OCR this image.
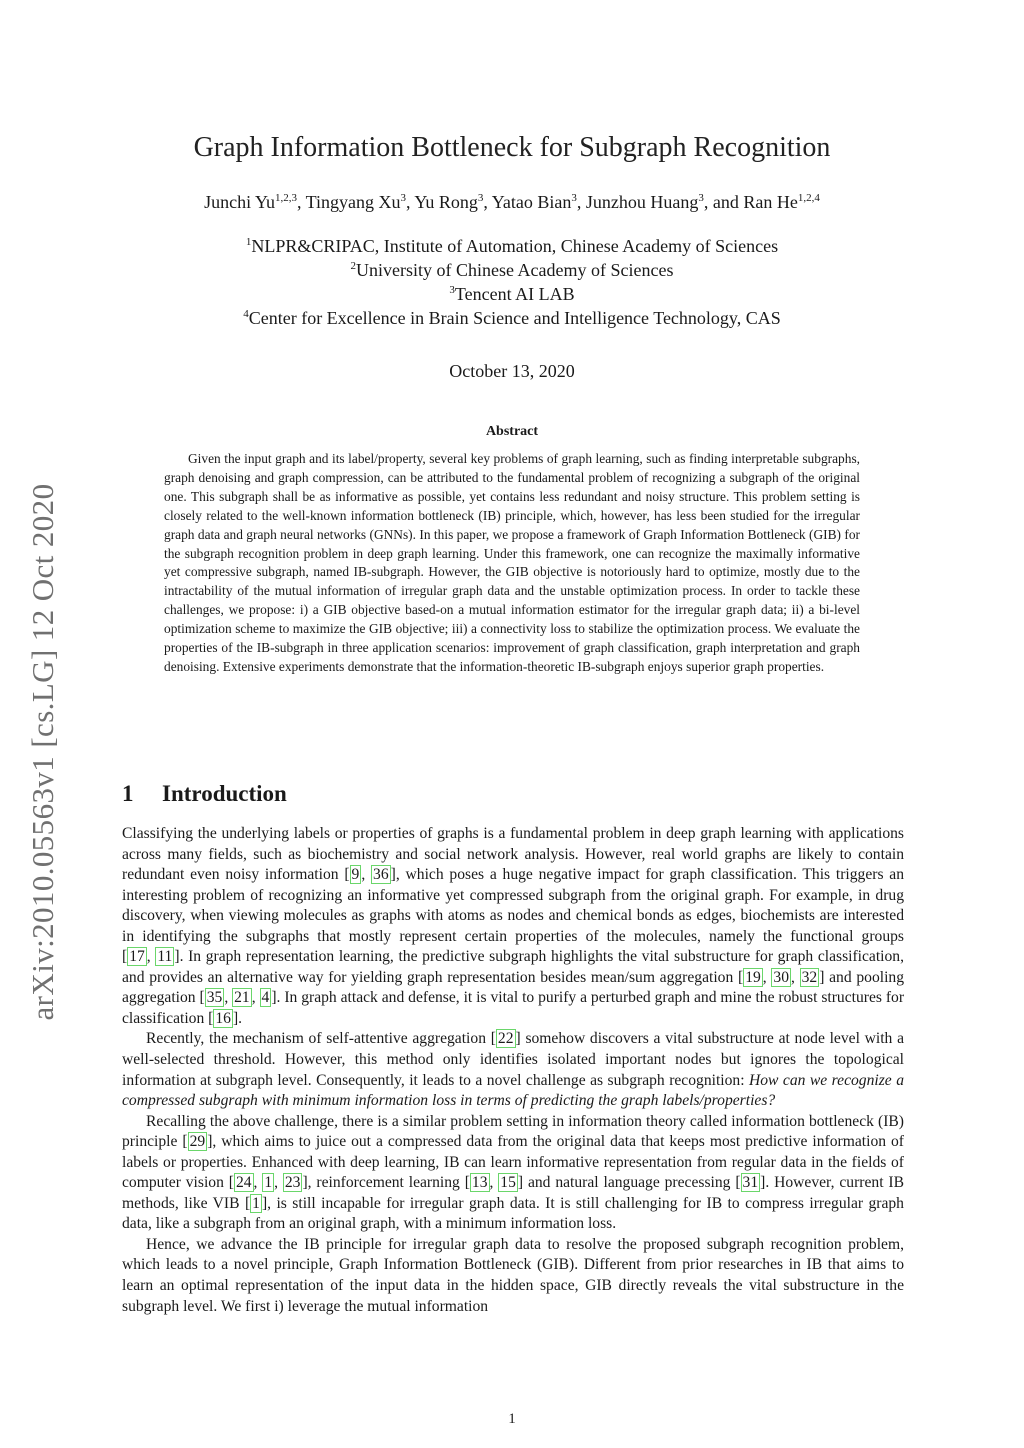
arXiv:2010.05563v1 [cs.LG] 12 Oct 2020
Graph Information Bottleneck for Subgraph Recognition
Junchi Yu$^{1,2,3}$, Tingyang Xu$^3$, Yu Rong$^3$, Yatao Bian$^3$, Junzhou Huang$^3$, and Ran He$^{1,2,4}$
$^1$NLPR&CRIPAC, Institute of Automation, Chinese Academy of Sciences
$^2$University of Chinese Academy of Sciences
$^3$Tencent AI LAB
$^4$Center for Excellence in Brain Science and Intelligence Technology, CAS
October 13, 2020
Abstract

Given the input graph and its label/property, several key problems of graph learning, such as finding interpretable subgraphs, graph denoising and graph compression, can be attributed to the fundamental problem of recognizing a subgraph of the original one. This subgraph shall be as informative as possible, yet contains less redundant and noisy structure. This problem setting is closely related to the well-known information bottleneck (IB) principle, which, however, has less been studied for the irregular graph data and graph neural networks (GNNs). In this paper, we propose a framework of Graph Information Bottleneck (GIB) for the subgraph recognition problem in deep graph learning. Under this framework, one can recognize the maximally informative yet compressive subgraph, named IB-subgraph. However, the GIB objective is notoriously hard to optimize, mostly due to the intractability of the mutual information of irregular graph data and the unstable optimization process. In order to tackle these challenges, we propose: i) a GIB objective based-on a mutual information estimator for the irregular graph data; ii) a bi-level optimization scheme to maximize the GIB objective; iii) a connectivity loss to stabilize the optimization process. We evaluate the properties of the IB-subgraph in three application scenarios: improvement of graph classification, graph interpretation and graph denoising. Extensive experiments demonstrate that the information-theoretic IB-subgraph enjoys superior graph properties.

1 Introduction

Classifying the underlying labels or properties of graphs is a fundamental problem in deep graph learning with applications across many fields, such as biochemistry and social network analysis. However, real world graphs are likely to contain redundant even noisy information [ 9 , 36 ], which poses a huge negative impact for graph classification. This triggers an interesting problem of recognizing an informative yet compressed subgraph from the original graph. For example, in drug discovery, when viewing molecules as graphs with atoms as nodes and chemical bonds as edges, biochemists are interested in identifying the subgraphs that mostly represent certain properties of the molecules, namely the functional groups [ 17 , 11 ]. In graph representation learning, the predictive subgraph highlights the vital substructure for graph classification, and provides an alternative way for yielding graph representation besides mean/sum aggregation [ 19 , 30 , 32 ] and pooling aggregation [ 35 , 21 , 4 ]. In graph attack and defense, it is vital to purify a perturbed graph and mine the robust structures for classification [ 16 ].

Recently, the mechanism of self-attentive aggregation [ 22 ] somehow discovers a vital substructure at node level with a well-selected threshold. However, this method only identifies isolated important nodes but ignores the topological information at subgraph level. Consequently, it leads to a novel challenge as subgraph recognition: How can we recognize a compressed subgraph with minimum information loss in terms of predicting the graph labels/properties?

Recalling the above challenge, there is a similar problem setting in information theory called information bottleneck (IB) principle [ 29 ], which aims to juice out a compressed data from the original data that keeps most predictive information of labels or properties. Enhanced with deep learning, IB can learn informative representation from regular data in the fields of computer vision [ 24 , 1 , 23 ], reinforcement learning [ 13 , 15 ] and natural language precessing [ 31 ]. However, current IB methods, like VIB [ 1 ], is still incapable for irregular graph data. It is still challenging for IB to compress irregular graph data, like a subgraph from an original graph, with a minimum information loss.

Hence, we advance the IB principle for irregular graph data to resolve the proposed subgraph recognition problem, which leads to a novel principle, Graph Information Bottleneck (GIB). Different from prior researches in IB that aims to learn an optimal representation of the input data in the hidden space, GIB directly reveals the vital substructure in the subgraph level. We first i) leverage the mutual information

1
